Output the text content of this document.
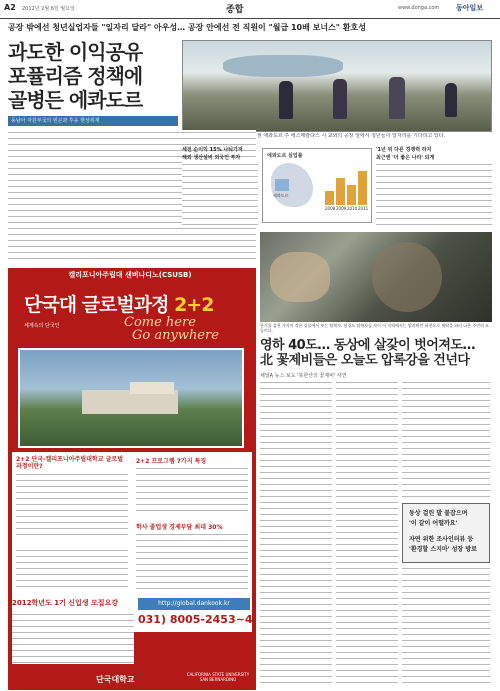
A2 2012년 2월 6일 월요일	종합	www.donga.com 동아일보
공장 밖에선 청년실업자들 "일자리 달라" 아우성… 공장 안에선 전 직원이 "월급 10배 보너스" 환호성
과도한 이익공유
포퓰리즘 정책에
골병든 에콰도르
동남아 자원부국의 빈곤과 후유 현상취재
현 에콰도르 주 에스메랄다스 시 교외의 공장 앞에서 청년들이 일자리를 기다리고 있다.
세전 순이익 15% 나눠가져
해외 생산설비 외국인 투자	에콰도르 실업률
에콰도르
2008 2009 2010 2011
'1년 뒤 다른 경쟁력 하지
최근엔 '더 좋은 나라' 되게
캘리포니아주립대 샌버나디노(CSUSB)
단국대 글로벌과정 2+2
세계속의 단국인	Come here
Go anywhere
2+2 단국-캘리포니아주립대학교 글로벌과정이란?
2+2 프로그램 7가지 특징
학사 졸업생 경제부담 최대 30%
2012학년도 1기 신입생 모집요강	http://global.dankook.kr
031) 8005-2453~4
단국대학교
CALIFORNIA STATE UNIVERSITY SAN BERNARDINO
한겨울 삼천 가까이 작은 강물에서 씻는 탈북자. 함경도 탈북자들 사이 이 지역에서는 말라버린 하천으로 세탁을 하러 나온 주민의 모습이다.
영하 40도… 동상에 살갗이 벗어져도…
北 꽃제비들은 오늘도 압록강을 건넌다
채널A 뉴스 보도 '북한산의 꽃제비' 사연
동상 걸린 발 붙잡으며
'이 갈이 어떨까요'
자연 위한 조사인터뷰 등
'환경할 스지마' 성장 방료
